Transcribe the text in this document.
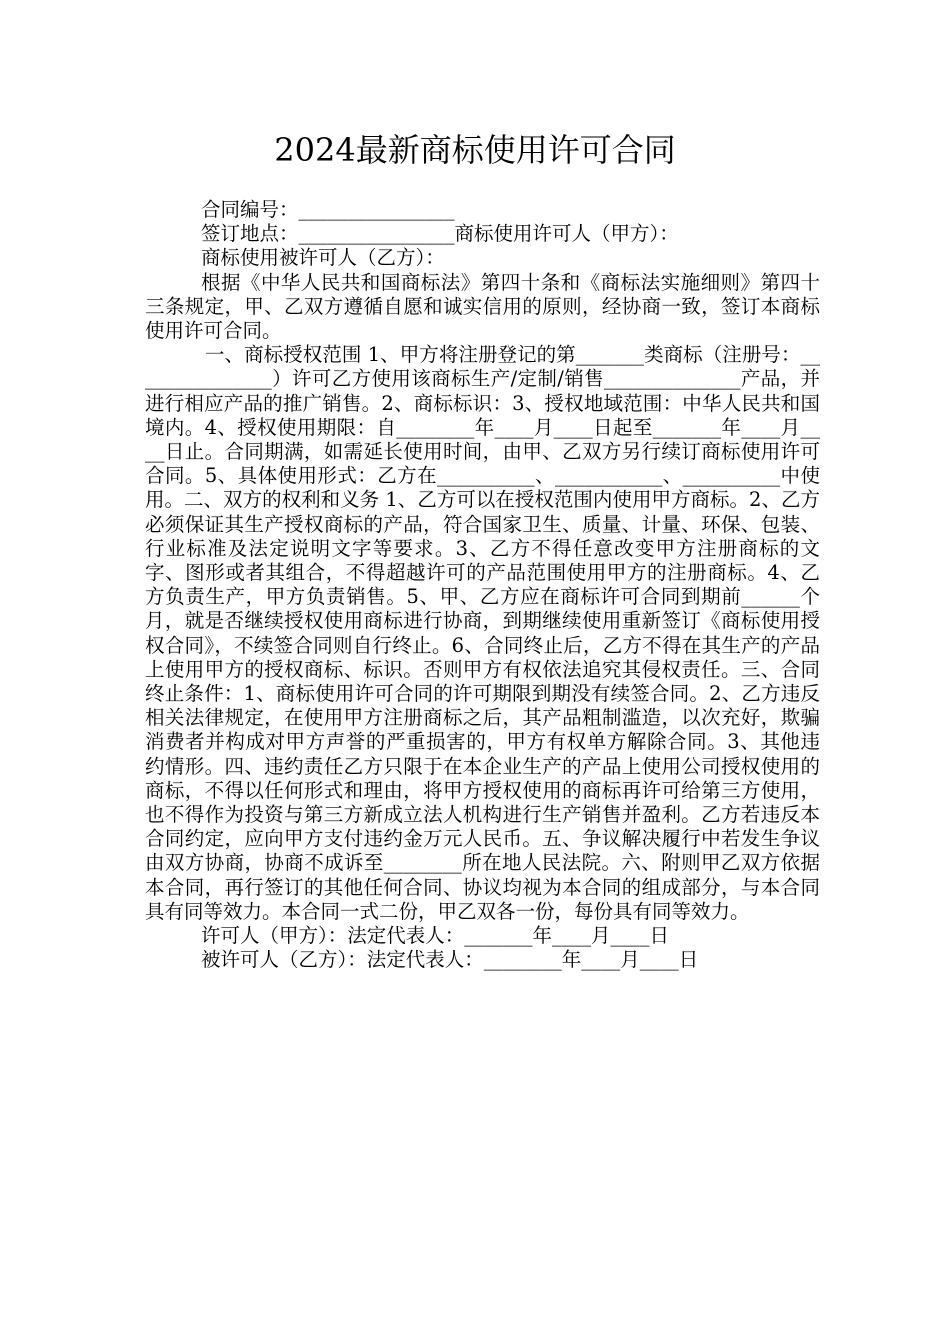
2024最新商标使用许可合同

合同编号：________________

签订地点：________________商标使用许可人（甲方）：

商标使用被许可人（乙方）：

根据《中华人民共和国商标法》第四十条和《商标法实施细则》第四十三条规定，甲、乙双方遵循自愿和诚实信用的原则，经协商一致，签订本商标使用许可合同。

一、商标授权范围 1、甲方将注册登记的第_______类商标（注册号：_______________）许可乙方使用该商标生产/定制/销售______________产品，并进行相应产品的推广销售。2、商标标识：3、授权地域范围：中华人民共和国境内。4、授权使用期限：自________年____月____日起至_______年____月____日止。合同期满，如需延长使用时间，由甲、乙双方另行续订商标使用许可合同。5、具体使用形式：乙方在__________、___________、__________中使用。二、双方的权利和义务 1、乙方可以在授权范围内使用甲方商标。2、乙方必须保证其生产授权商标的产品，符合国家卫生、质量、计量、环保、包装、行业标准及法定说明文字等要求。3、乙方不得任意改变甲方注册商标的文字、图形或者其组合，不得超越许可的产品范围使用甲方的注册商标。4、乙方负责生产，甲方负责销售。5、甲、乙方应在商标许可合同到期前______个月，就是否继续授权使用商标进行协商，到期继续使用重新签订《商标使用授权合同》，不续签合同则自行终止。6、合同终止后，乙方不得在其生产的产品上使用甲方的授权商标、标识。否则甲方有权依法追究其侵权责任。三、合同终止条件：1、商标使用许可合同的许可期限到期没有续签合同。2、乙方违反相关法律规定，在使用甲方注册商标之后，其产品粗制滥造，以次充好，欺骗消费者并构成对甲方声誉的严重损害的，甲方有权单方解除合同。3、其他违约情形。四、违约责任乙方只限于在本企业生产的产品上使用公司授权使用的商标，不得以任何形式和理由，将甲方授权使用的商标再许可给第三方使用，也不得作为投资与第三方新成立法人机构进行生产销售并盈利。乙方若违反本合同约定，应向甲方支付违约金万元人民币。五、争议解决履行中若发生争议由双方协商，协商不成诉至________所在地人民法院。六、附则甲乙双方依据本合同，再行签订的其他任何合同、协议均视为本合同的组成部分，与本合同具有同等效力。本合同一式二份，甲乙双各一份，每份具有同等效力。

许可人（甲方）：法定代表人：_______年____月____日

被许可人（乙方）：法定代表人：________年____月____日
